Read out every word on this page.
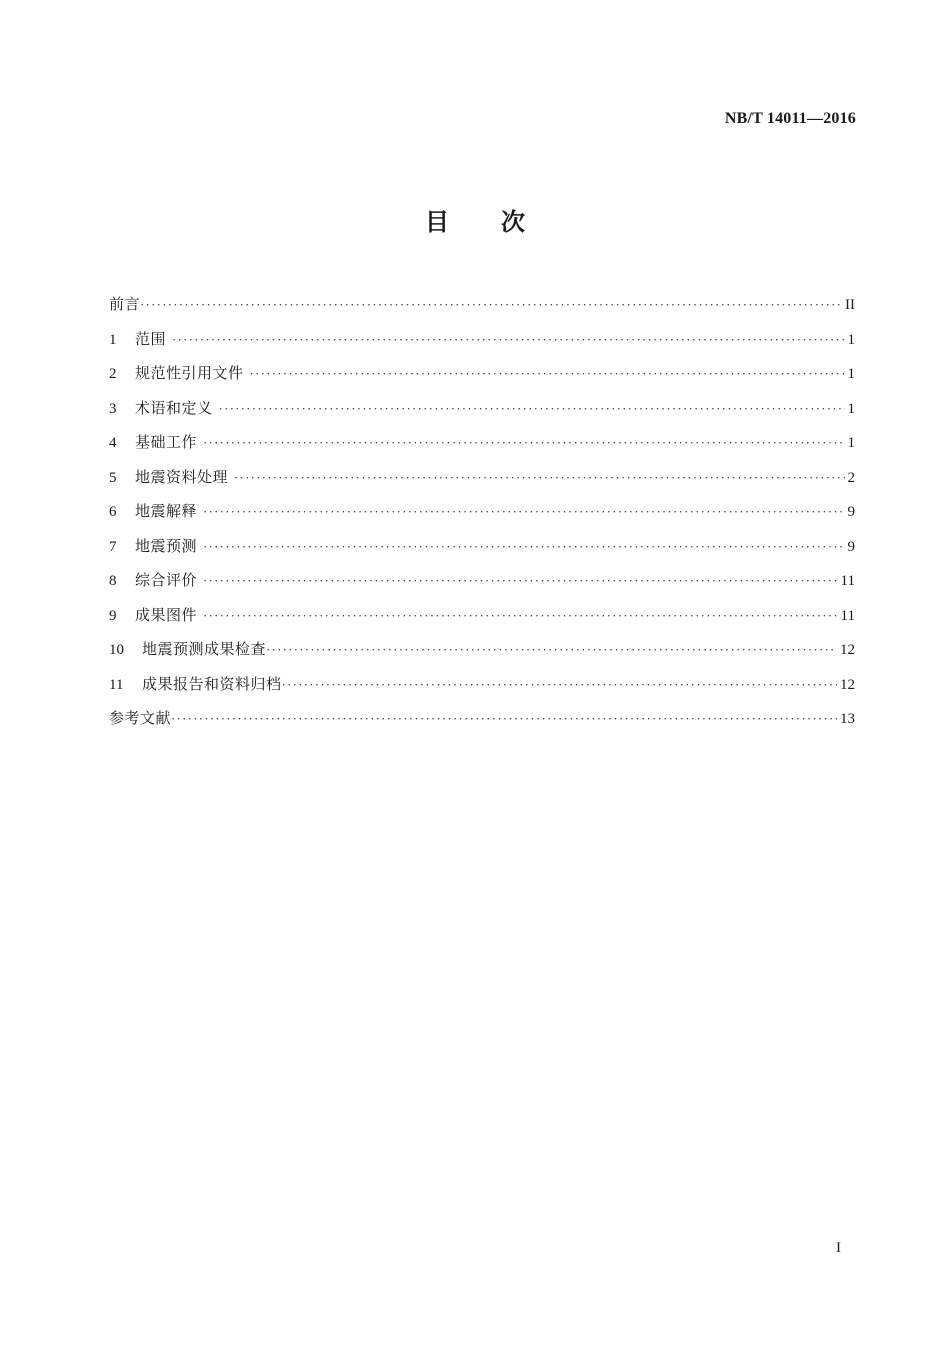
NB/T 14011—2016
目 次
前言 ·····	II
1	范围 ·····	1
2	规范性引用文件 ·····	1
3	术语和定义 ·····	1
4	基础工作 ·····	1
5	地震资料处理 ·····	2
6	地震解释 ·····	9
7	地震预测 ·····	9
8	综合评价 ·····	11
9	成果图件 ·····	11
10	地震预测成果检查 ·····	12
11	成果报告和资料归档 ·····	12
参考文献 ·····	13
I
